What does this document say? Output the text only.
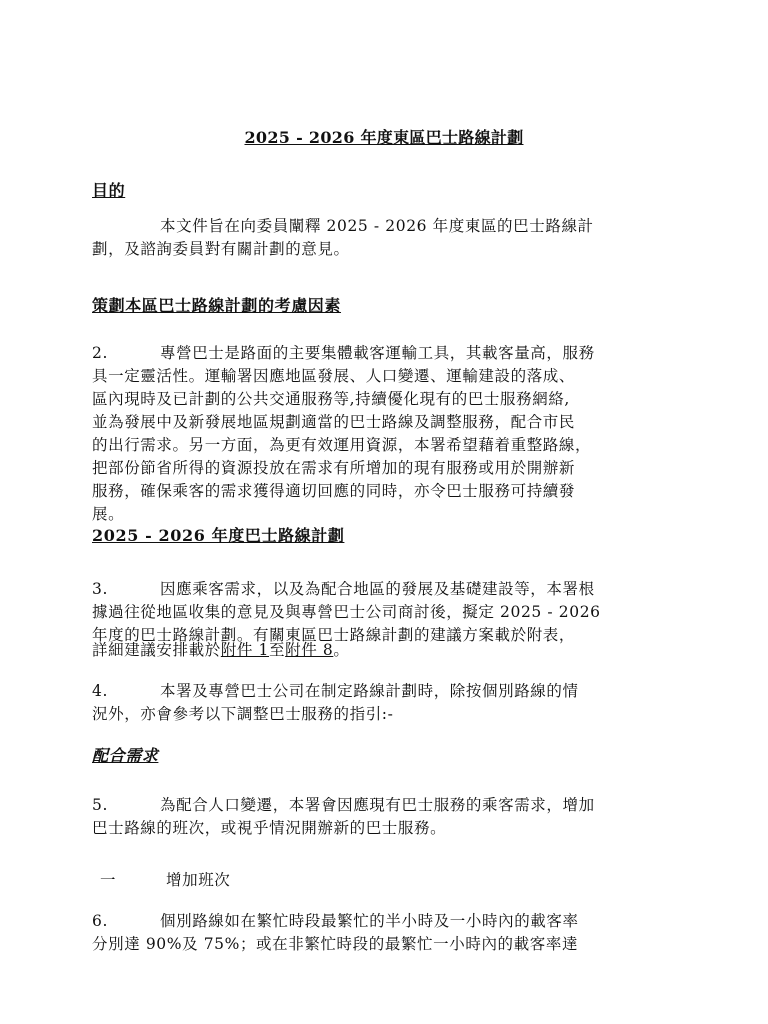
2025 - 2026 年度東區巴士路線計劃
目的
本文件旨在向委員闡釋 2025 - 2026 年度東區的巴士路線計
劃，及諮詢委員對有關計劃的意見。
策劃本區巴士路線計劃的考慮因素
2.	專營巴士是路面的主要集體載客運輸工具，其載客量高，服務
具一定靈活性。運輸署因應地區發展、人口變遷、運輸建設的落成、
區內現時及已計劃的公共交通服務等,持續優化現有的巴士服務網絡,
並為發展中及新發展地區規劃適當的巴士路線及調整服務，配合市民
的出行需求。另一方面，為更有效運用資源，本署希望藉着重整路線，
把部份節省所得的資源投放在需求有所增加的現有服務或用於開辦新
服務，確保乘客的需求獲得適切回應的同時，亦令巴士服務可持續發
展。
2025 - 2026 年度巴士路線計劃
3.	因應乘客需求，以及為配合地區的發展及基礎建設等，本署根
據過往從地區收集的意見及與專營巴士公司商討後，擬定 2025 - 2026
年度的巴士路線計劃。有關東區巴士路線計劃的建議方案載於附表，
詳細建議安排載於附件 1至附件 8。
4.	本署及專營巴士公司在制定路線計劃時，除按個別路線的情
況外，亦會參考以下調整巴士服務的指引:-
配合需求
5.	為配合人口變遷，本署會因應現有巴士服務的乘客需求，增加
巴士路線的班次，或視乎情況開辦新的巴士服務。
一	增加班次
6.	個別路線如在繁忙時段最繁忙的半小時及一小時內的載客率
分別達 90%及 75%；或在非繁忙時段的最繁忙一小時內的載客率達
